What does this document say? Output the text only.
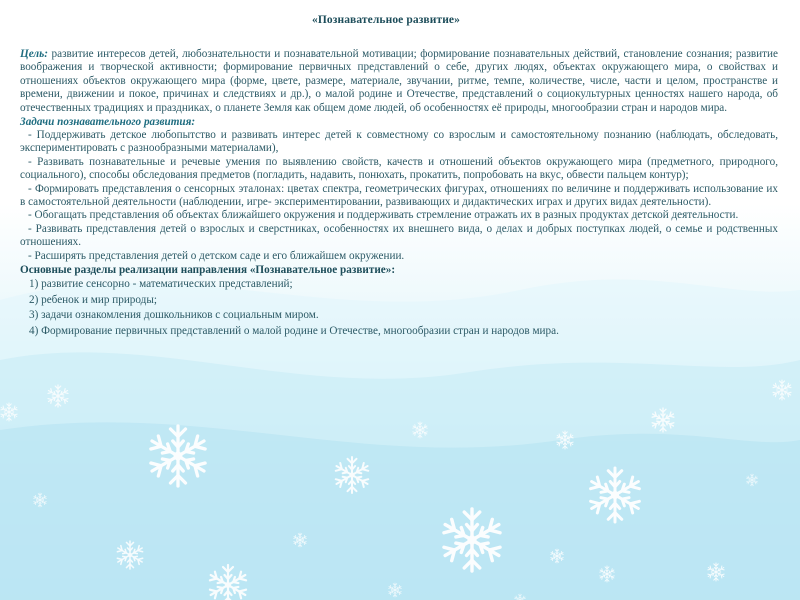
«Познавательное развитие»

Цель: развитие интересов детей, любознательности и познавательной мотивации; формирование познавательных действий, становление сознания; развитие воображения и творческой активности; формирование первичных представлений о себе, других людях, объектах окружающего мира, о свойствах и отношениях объектов окружающего мира (форме, цвете, размере, материале, звучании, ритме, темпе, количестве, числе, части и целом, пространстве и времени, движении и покое, причинах и следствиях и др.), о малой родине и Отечестве, представлений о социокультурных ценностях нашего народа, об отечественных традициях и праздниках, о планете Земля как общем доме людей, об особенностях её природы, многообразии стран и народов мира.

Задачи познавательного развития:

- Поддерживать детское любопытство и развивать интерес детей к совместному со взрослым и самостоятельному познанию (наблюдать, обследовать, экспериментировать с разнообразными материалами),

- Развивать познавательные и речевые умения по выявлению свойств, качеств и отношений объектов окружающего мира (предметного, природного, социального), способы обследования предметов (погладить, надавить, понюхать, прокатить, попробовать на вкус, обвести пальцем контур);

- Формировать представления о сенсорных эталонах: цветах спектра, геометрических фигурах, отношениях по величине и поддерживать использование их в самостоятельной деятельности (наблюдении, игре- экспериментировании, развивающих и дидактических играх и других видах деятельности).

- Обогащать представления об объектах ближайшего окружения и поддерживать стремление отражать их в разных продуктах детской деятельности.

- Развивать представления детей о взрослых и сверстниках, особенностях их внешнего вида, о делах и добрых поступках людей, о семье и родственных отношениях.

- Расширять представления детей о детском саде и его ближайшем окружении.

Основные разделы реализации направления «Познавательное развитие»:

1) развитие сенсорно - математических представлений;

2) ребенок и мир природы;

3) задачи ознакомления дошкольников с социальным миром.

4) Формирование первичных представлений о малой родине и Отечестве, многообразии стран и народов мира.
